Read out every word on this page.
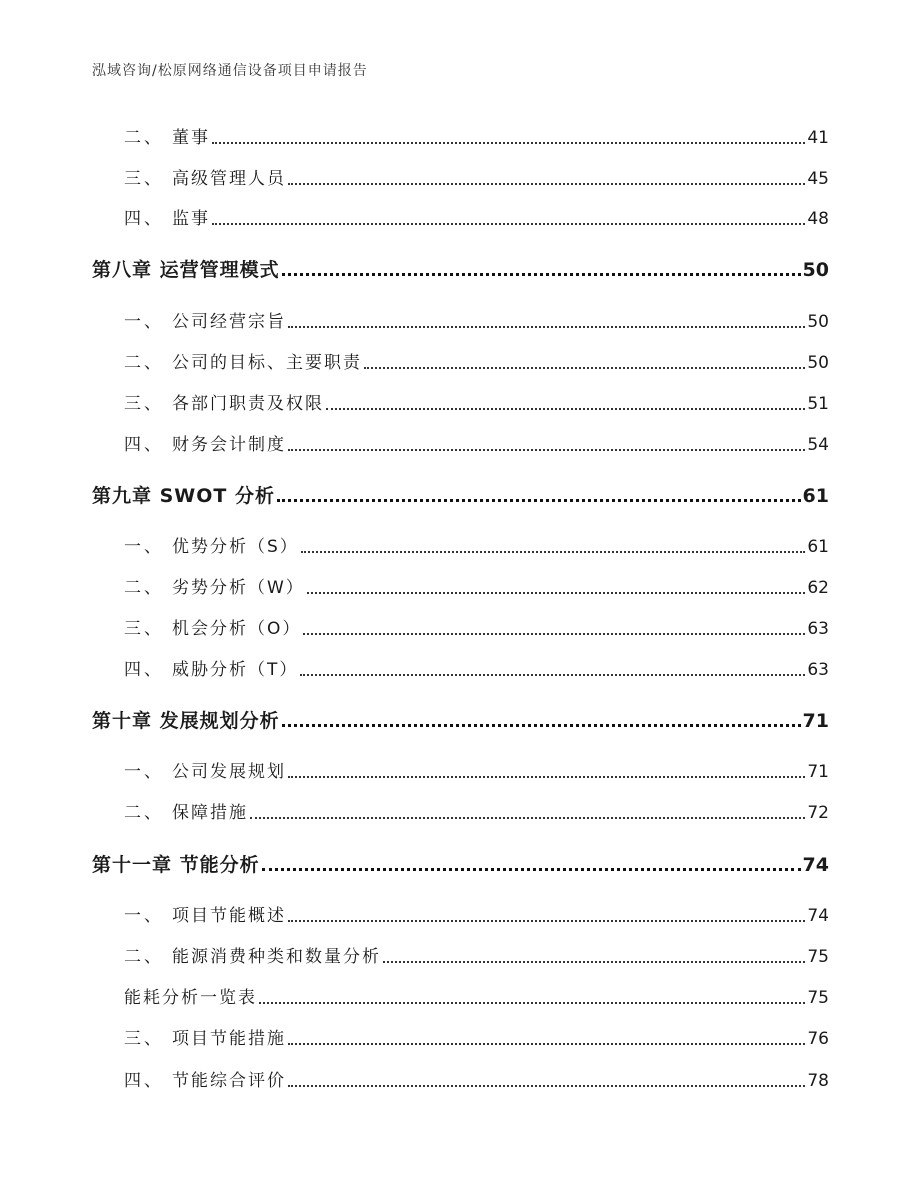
泓域咨询/松原网络通信设备项目申请报告
二、 董事	41
三、 高级管理人员	45
四、 监事	48
第八章 运营管理模式	50
一、 公司经营宗旨	50
二、 公司的目标、主要职责	50
三、 各部门职责及权限	51
四、 财务会计制度	54
第九章 SWOT 分析	61
一、 优势分析（S）	61
二、 劣势分析（W）	62
三、 机会分析（O）	63
四、 威胁分析（T）	63
第十章 发展规划分析	71
一、 公司发展规划	71
二、 保障措施	72
第十一章 节能分析	74
一、 项目节能概述	74
二、 能源消费种类和数量分析	75
能耗分析一览表	75
三、 项目节能措施	76
四、 节能综合评价	78
